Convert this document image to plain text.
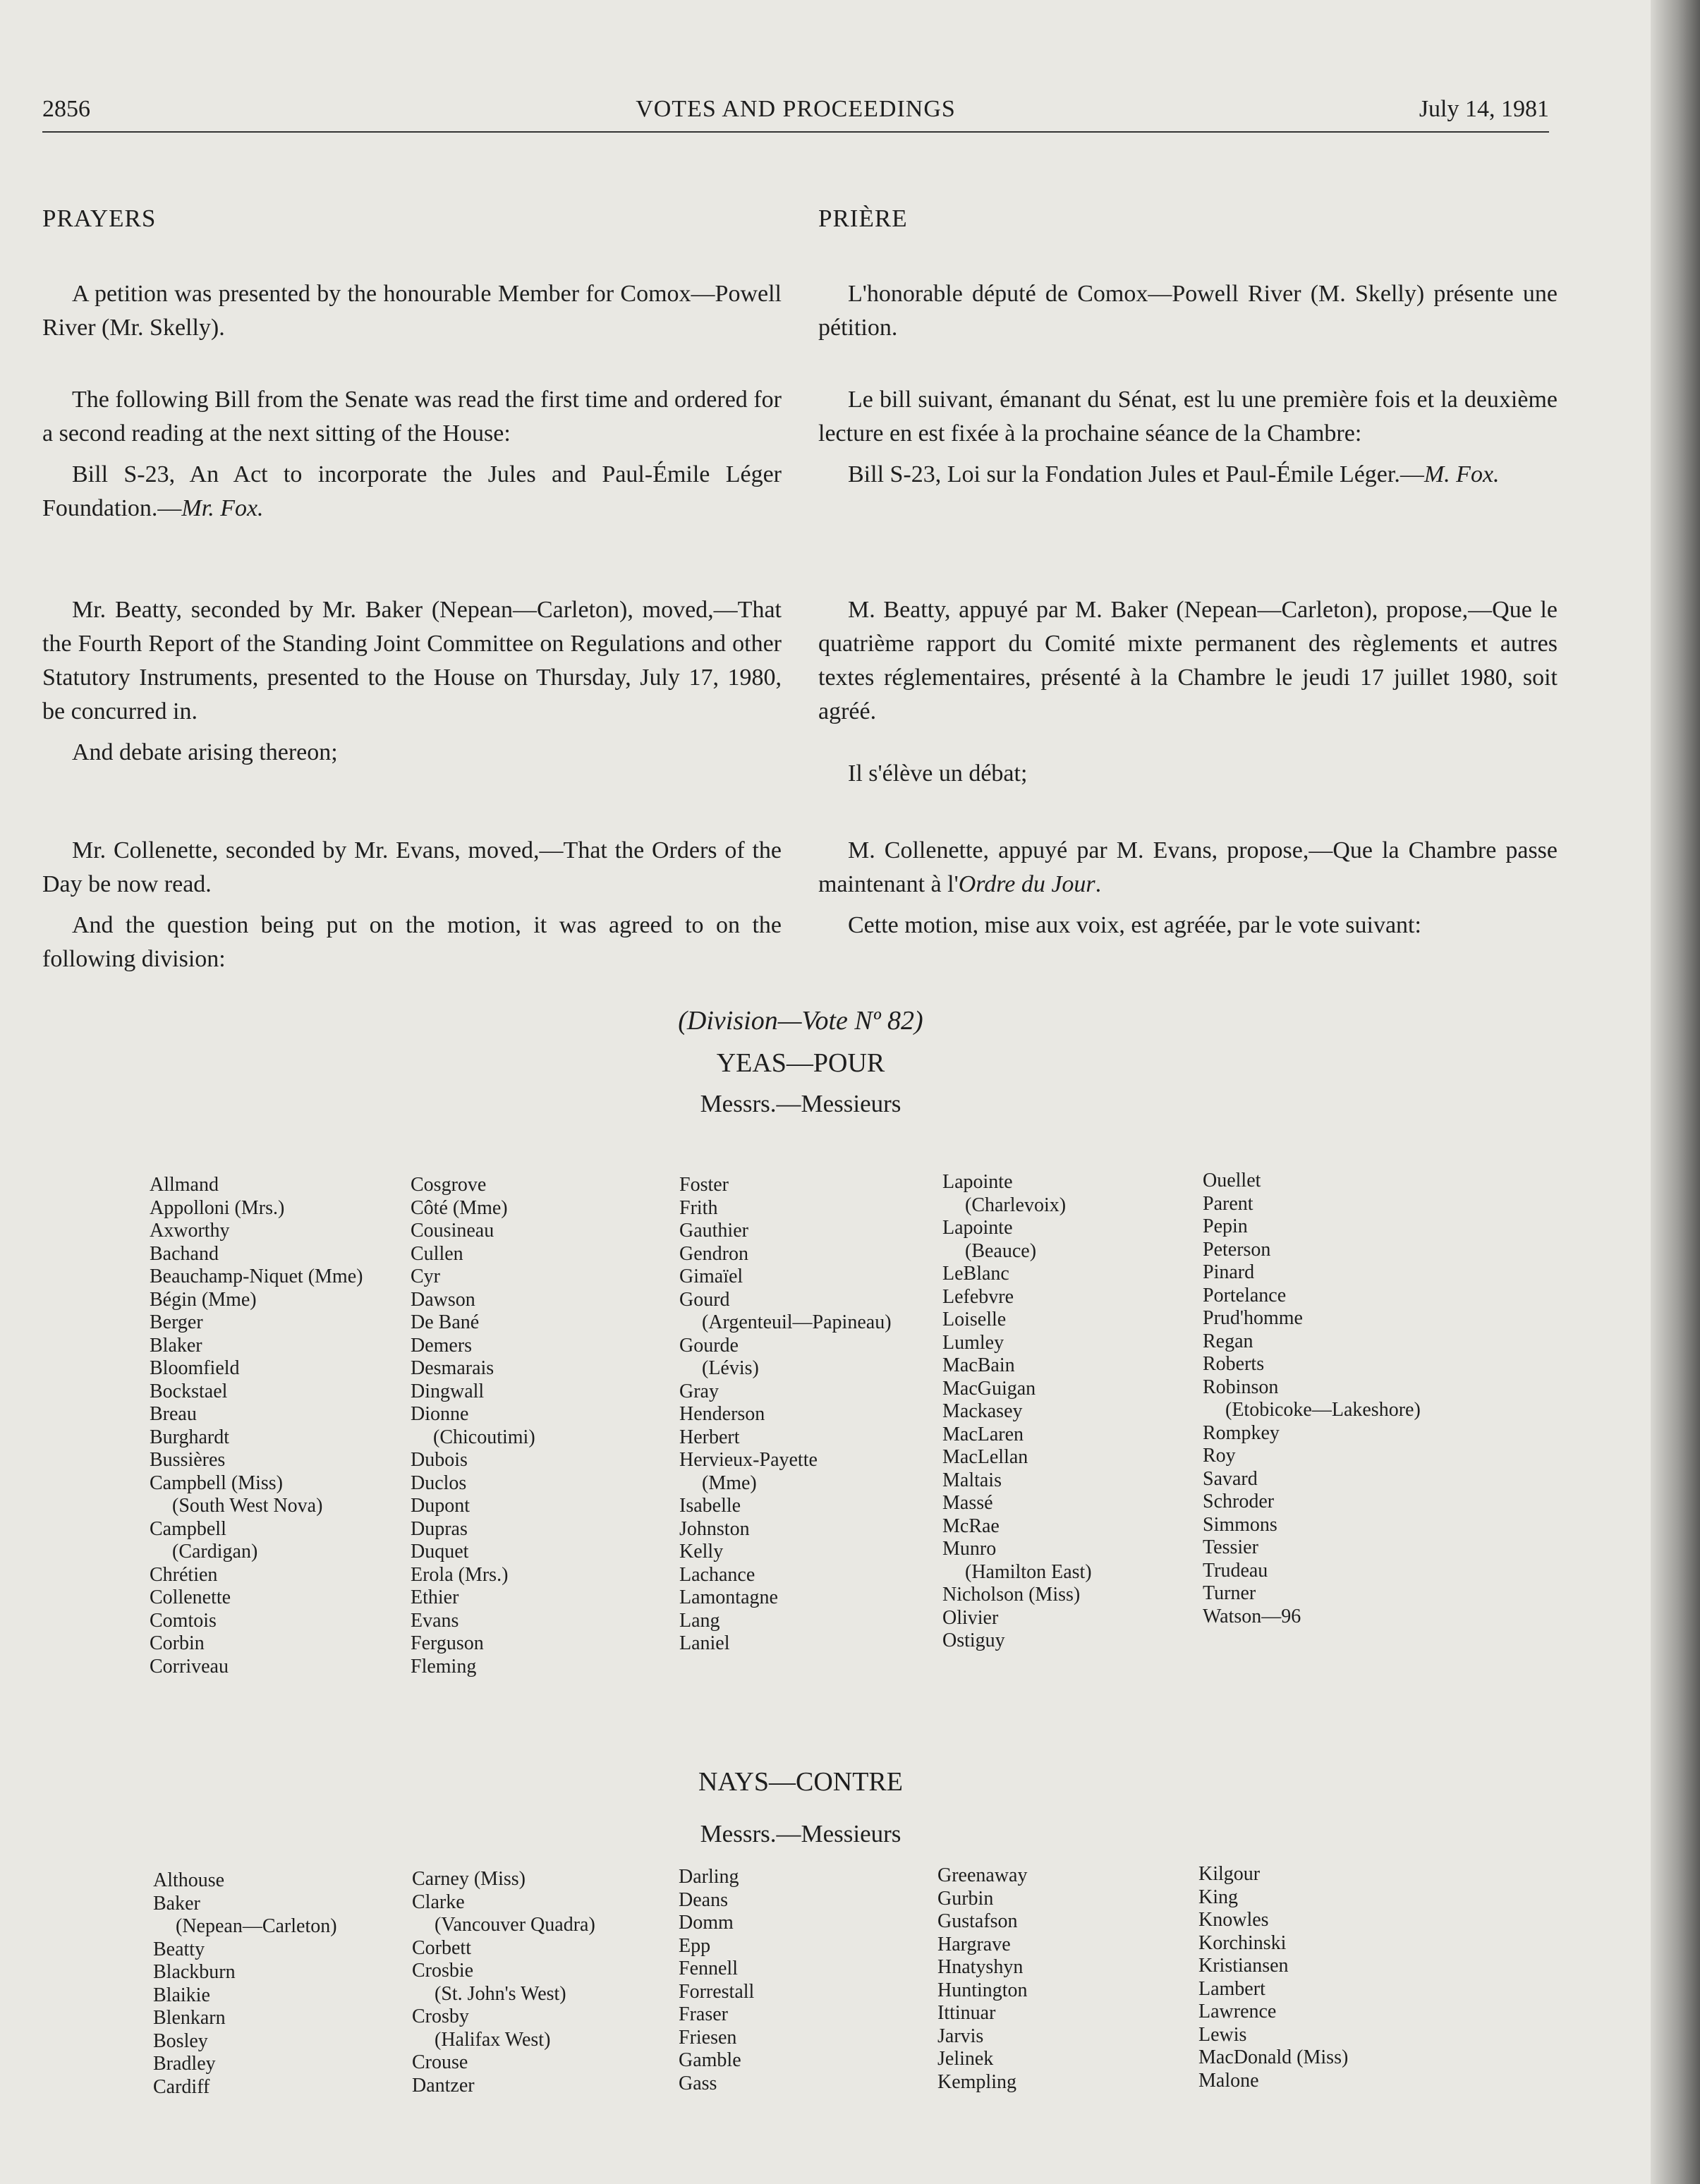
2856	VOTES AND PROCEEDINGS	July 14, 1981
PRAYERS

A petition was presented by the honourable Member for Comox—Powell River (Mr. Skelly).

The following Bill from the Senate was read the first time and ordered for a second reading at the next sitting of the House:

Bill S-23, An Act to incorporate the Jules and Paul-Émile Léger Foundation.—Mr. Fox.

Mr. Beatty, seconded by Mr. Baker (Nepean—Carleton), moved,—That the Fourth Report of the Standing Joint Committee on Regulations and other Statutory Instruments, presented to the House on Thursday, July 17, 1980, be concurred in.

And debate arising thereon;

Mr. Collenette, seconded by Mr. Evans, moved,—That the Orders of the Day be now read.

And the question being put on the motion, it was agreed to on the following division:

PRIÈRE

L'honorable député de Comox—Powell River (M. Skelly) présente une pétition.

Le bill suivant, émanant du Sénat, est lu une première fois et la deuxième lecture en est fixée à la prochaine séance de la Chambre:

Bill S-23, Loi sur la Fondation Jules et Paul-Émile Léger.—M. Fox.

M. Beatty, appuyé par M. Baker (Nepean—Carleton), propose,—Que le quatrième rapport du Comité mixte permanent des règlements et autres textes réglementaires, présenté à la Chambre le jeudi 17 juillet 1980, soit agréé.

Il s'élève un débat;

M. Collenette, appuyé par M. Evans, propose,—Que la Chambre passe maintenant à l'Ordre du Jour.

Cette motion, mise aux voix, est agréée, par le vote suivant:

(Division—Vote Nº 82)
YEAS—POUR
Messrs.—Messieurs
Allmand
Appolloni (Mrs.)
Axworthy
Bachand
Beauchamp-Niquet (Mme)
Bégin (Mme)
Berger
Blaker
Bloomfield
Bockstael
Breau
Burghardt
Bussières
Campbell (Miss)
(South West Nova)
Campbell
(Cardigan)
Chrétien
Collenette
Comtois
Corbin
Corriveau
Cosgrove
Côté (Mme)
Cousineau
Cullen
Cyr
Dawson
De Bané
Demers
Desmarais
Dingwall
Dionne
(Chicoutimi)
Dubois
Duclos
Dupont
Dupras
Duquet
Erola (Mrs.)
Ethier
Evans
Ferguson
Fleming
Foster
Frith
Gauthier
Gendron
Gimaïel
Gourd
(Argenteuil—Papineau)
Gourde
(Lévis)
Gray
Henderson
Herbert
Hervieux-Payette
(Mme)
Isabelle
Johnston
Kelly
Lachance
Lamontagne
Lang
Laniel
Lapointe
(Charlevoix)
Lapointe
(Beauce)
LeBlanc
Lefebvre
Loiselle
Lumley
MacBain
MacGuigan
Mackasey
MacLaren
MacLellan
Maltais
Massé
McRae
Munro
(Hamilton East)
Nicholson (Miss)
Olivier
Ostiguy
Ouellet
Parent
Pepin
Peterson
Pinard
Portelance
Prud'homme
Regan
Roberts
Robinson
(Etobicoke—Lakeshore)
Rompkey
Roy
Savard
Schroder
Simmons
Tessier
Trudeau
Turner
Watson—96
NAYS—CONTRE
Messrs.—Messieurs
Althouse
Baker
(Nepean—Carleton)
Beatty
Blackburn
Blaikie
Blenkarn
Bosley
Bradley
Cardiff
Carney (Miss)
Clarke
(Vancouver Quadra)
Corbett
Crosbie
(St. John's West)
Crosby
(Halifax West)
Crouse
Dantzer
Darling
Deans
Domm
Epp
Fennell
Forrestall
Fraser
Friesen
Gamble
Gass
Greenaway
Gurbin
Gustafson
Hargrave
Hnatyshyn
Huntington
Ittinuar
Jarvis
Jelinek
Kempling
Kilgour
King
Knowles
Korchinski
Kristiansen
Lambert
Lawrence
Lewis
MacDonald (Miss)
Malone
